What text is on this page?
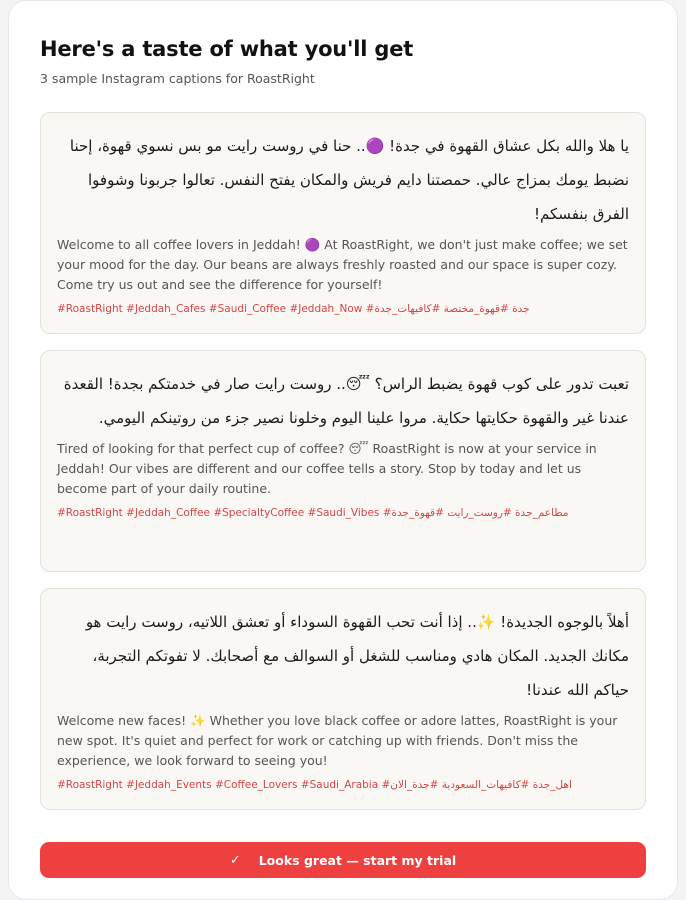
Here's a taste of what you'll get

3 sample Instagram captions for RoastRight

يا هلا والله بكل عشاق القهوة في جدة! 🟣.. حنا في روست رايت مو بس نسوي قهوة، إحنا نضبط يومك بمزاج عالي. حمصتنا دايم فريش والمكان يفتح النفس. تعالوا جربونا وشوفوا الفرق بنفسكم!

Welcome to all coffee lovers in Jeddah! 🟣 At RoastRight, we don't just make coffee; we set your mood for the day. Our beans are always freshly roasted and our space is super cozy. Come try us out and see the difference for yourself!

#RoastRight #Jeddah_Cafes #Saudi_Coffee #Jeddah_Now #جدة #قهوة_مختصة #كافيهات_جدة

تعبت تدور على كوب قهوة يضبط الراس؟ 😴.. روست رايت صار في خدمتكم بجدة! القعدة عندنا غير والقهوة حكايتها حكاية. مروا علينا اليوم وخلونا نصير جزء من روتينكم اليومي.

Tired of looking for that perfect cup of coffee? 😴 RoastRight is now at your service in Jeddah! Our vibes are different and our coffee tells a story. Stop by today and let us become part of your daily routine.

#RoastRight #Jeddah_Coffee #SpecialtyCoffee #Saudi_Vibes #مطاعم_جدة #روست_رايت #قهوة_جدة

أهلاً بالوجوه الجديدة! ✨.. إذا أنت تحب القهوة السوداء أو تعشق اللاتيه، روست رايت هو مكانك الجديد. المكان هادي ومناسب للشغل أو السوالف مع أصحابك. لا تفوتكم التجربة، حياكم الله عندنا!

Welcome new faces! ✨ Whether you love black coffee or adore lattes, RoastRight is your new spot. It's quiet and perfect for work or catching up with friends. Don't miss the experience, we look forward to seeing you!

#RoastRight #Jeddah_Events #Coffee_Lovers #Saudi_Arabia #اهل_جدة #كافيهات_السعودية #جدة_الان

✓ Looks great — start my trial
